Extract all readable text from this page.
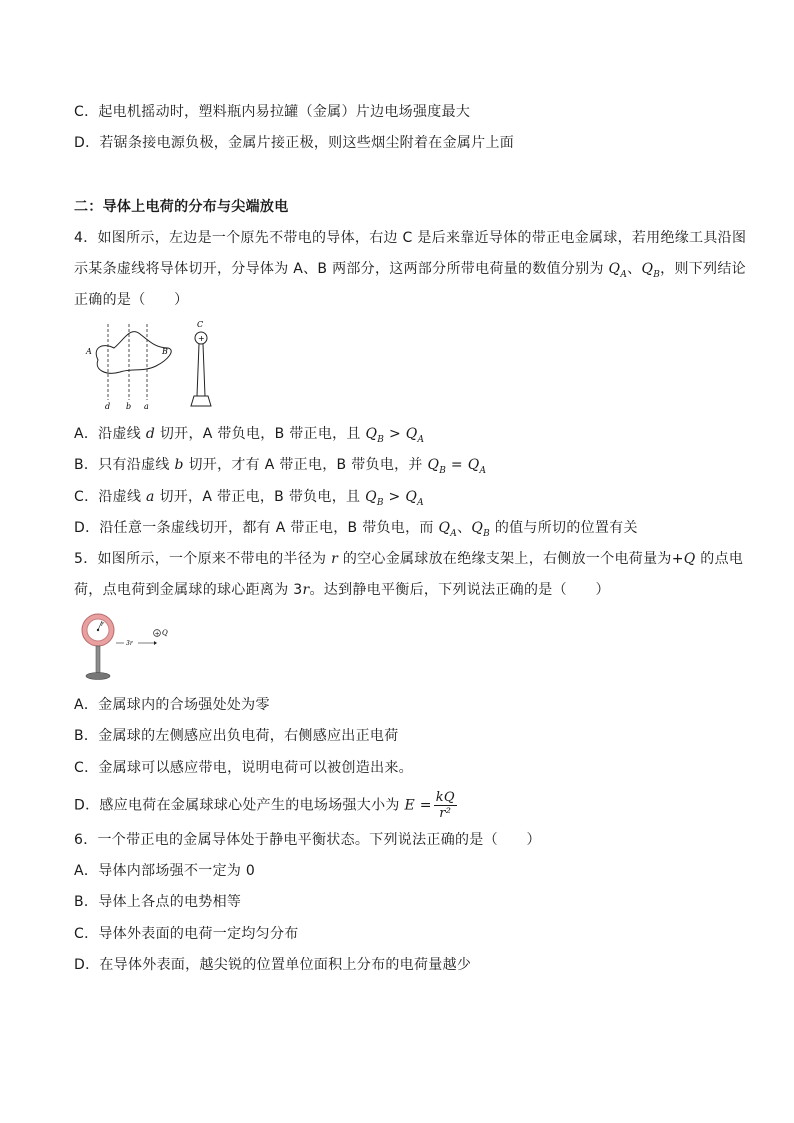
C．起电机摇动时，塑料瓶内易拉罐（金属）片边电场强度最大
D．若锯条接电源负极，金属片接正极，则这些烟尘附着在金属片上面
二：导体上电荷的分布与尖端放电
4．如图所示，左边是一个原先不带电的导体，右边 C 是后来靠近导体的带正电金属球，若用绝缘工具沿图
示某条虚线将导体切开，分导体为 A、B 两部分，这两部分所带电荷量的数值分别为 $Q_A$、$Q_B$，则下列结论
正确的是（　　）
A	B
d b a
C
+
A．沿虚线 d 切开，A 带负电，B 带正电，且 $Q_B > Q_A$
B．只有沿虚线 b 切开，才有 A 带正电，B 带负电，并 $Q_B = Q_A$
C．沿虚线 a 切开，A 带正电，B 带负电，且 $Q_B > Q_A$
D．沿任意一条虚线切开，都有 A 带正电，B 带负电，而 $Q_A$、$Q_B$ 的值与所切的位置有关
5．如图所示，一个原来不带电的半径为 r 的空心金属球放在绝缘支架上，右侧放一个电荷量为+Q 的点电
荷，点电荷到金属球的球心距离为 3r。达到静电平衡后，下列说法正确的是（　　）
r
3r
+ Q
A．金属球内的合场强处处为零
B．金属球的左侧感应出负电荷，右侧感应出正电荷
C．金属球可以感应带电，说明电荷可以被创造出来。
D．感应电荷在金属球球心处产生的电场场强大小为 $E = \frac{kQ}{\text{r²}}$
6．一个带正电的金属导体处于静电平衡状态。下列说法正确的是（　　）
A．导体内部场强不一定为 0
B．导体上各点的电势相等
C．导体外表面的电荷一定均匀分布
D．在导体外表面，越尖锐的位置单位面积上分布的电荷量越少
